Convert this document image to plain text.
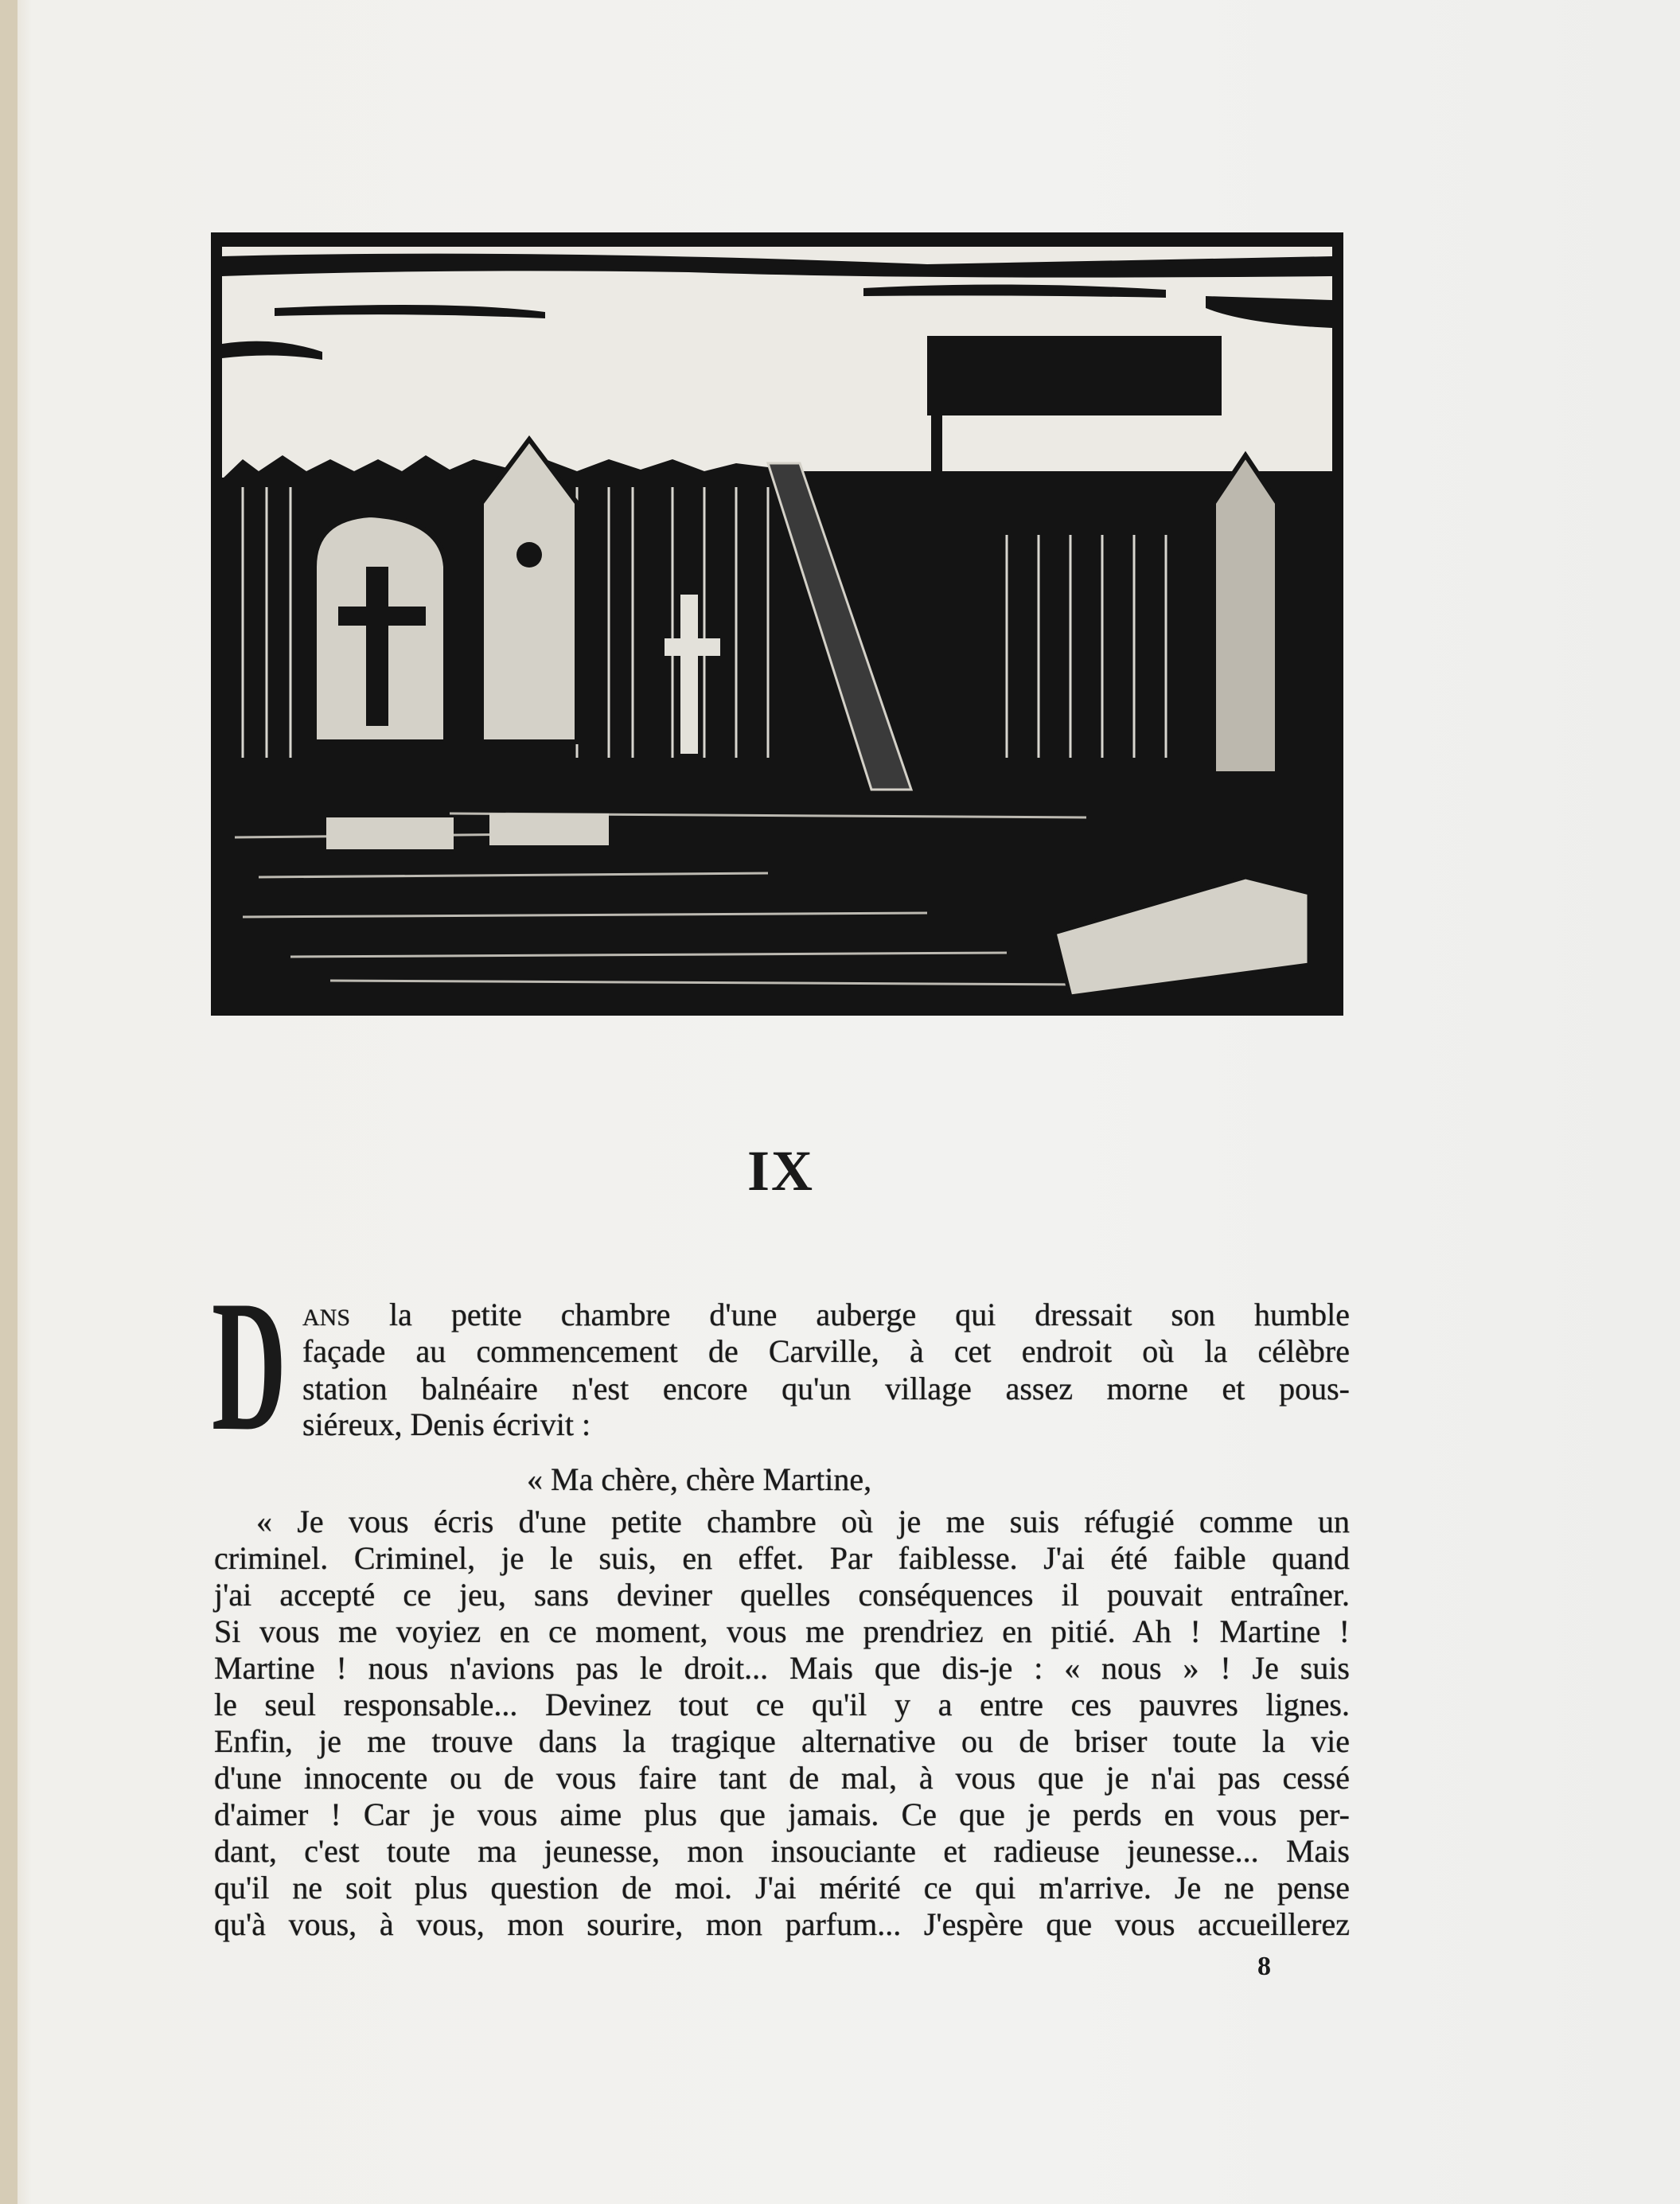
IX
D ANS la petite chambre d'une auberge qui dressait son humble
façade au commencement de Carville, à cet endroit où la célèbre
station balnéaire n'est encore qu'un village assez morne et pous-
siéreux, Denis écrivit :
« Ma chère, chère Martine,
« Je vous écris d'une petite chambre où je me suis réfugié comme un
criminel. Criminel, je le suis, en effet. Par faiblesse. J'ai été faible quand
j'ai accepté ce jeu, sans deviner quelles conséquences il pouvait entraîner.
Si vous me voyiez en ce moment, vous me prendriez en pitié. Ah ! Martine !
Martine ! nous n'avions pas le droit... Mais que dis-je : « nous » ! Je suis
le seul responsable... Devinez tout ce qu'il y a entre ces pauvres lignes.
Enfin, je me trouve dans la tragique alternative ou de briser toute la vie
d'une innocente ou de vous faire tant de mal, à vous que je n'ai pas cessé
d'aimer ! Car je vous aime plus que jamais. Ce que je perds en vous per-
dant, c'est toute ma jeunesse, mon insouciante et radieuse jeunesse... Mais
qu'il ne soit plus question de moi. J'ai mérité ce qui m'arrive. Je ne pense
qu'à vous, à vous, mon sourire, mon parfum... J'espère que vous accueillerez
8
